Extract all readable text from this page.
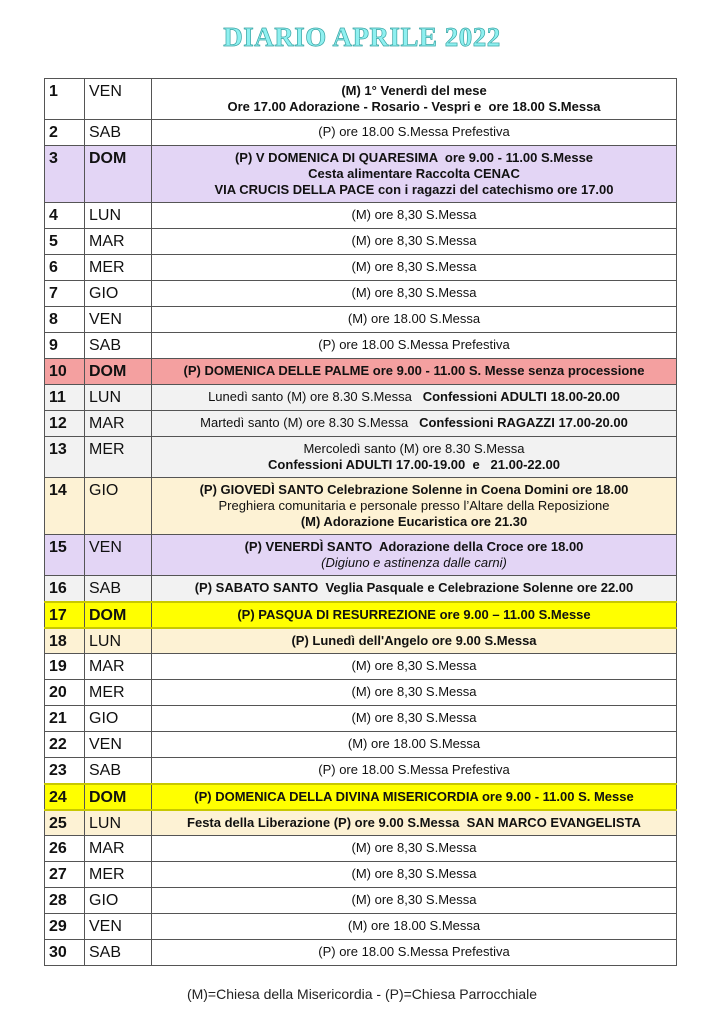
DIARIO APRILE 2022
1	VEN	(M) 1° Venerdì del mese
Ore 17.00 Adorazione - Rosario - Vespri e  ore 18.00 S.Messa

2	SAB	(P) ore 18.00 S.Messa Prefestiva

3	DOM	(P) V DOMENICA DI QUARESIMA  ore 9.00 - 11.00 S.Messe
Cesta alimentare Raccolta CENAC
VIA CRUCIS DELLA PACE con i ragazzi del catechismo ore 17.00

4	LUN	(M) ore 8,30 S.Messa

5	MAR	(M) ore 8,30 S.Messa

6	MER	(M) ore 8,30 S.Messa

7	GIO	(M) ore 8,30 S.Messa

8	VEN	(M) ore 18.00 S.Messa

9	SAB	(P) ore 18.00 S.Messa Prefestiva

10	DOM	(P) DOMENICA DELLE PALME ore 9.00 - 11.00 S. Messe senza processione

11	LUN	Lunedì santo (M) ore 8.30 S.Messa   Confessioni ADULTI 18.00-20.00

12	MAR	Martedì santo (M) ore 8.30 S.Messa   Confessioni RAGAZZI 17.00-20.00

13	MER	Mercoledì santo (M) ore 8.30 S.Messa
Confessioni ADULTI 17.00-19.00  e   21.00-22.00

14	GIO	(P) GIOVEDÌ SANTO Celebrazione Solenne in Coena Domini ore 18.00
Preghiera comunitaria e personale presso l’Altare della Reposizione
(M) Adorazione Eucaristica ore 21.30

15	VEN	(P) VENERDÌ SANTO  Adorazione della Croce ore 18.00
(Digiuno e astinenza dalle carni)

16	SAB	(P) SABATO SANTO  Veglia Pasquale e Celebrazione Solenne ore 22.00

17	DOM	(P) PASQUA DI RESURREZIONE ore 9.00 – 11.00 S.Messe

18	LUN	(P) Lunedì dell'Angelo ore 9.00 S.Messa

19	MAR	(M) ore 8,30 S.Messa

20	MER	(M) ore 8,30 S.Messa

21	GIO	(M) ore 8,30 S.Messa

22	VEN	(M) ore 18.00 S.Messa

23	SAB	(P) ore 18.00 S.Messa Prefestiva

24	DOM	(P) DOMENICA DELLA DIVINA MISERICORDIA ore 9.00 - 11.00 S. Messe

25	LUN	Festa della Liberazione (P) ore 9.00 S.Messa  SAN MARCO EVANGELISTA

26	MAR	(M) ore 8,30 S.Messa

27	MER	(M) ore 8,30 S.Messa

28	GIO	(M) ore 8,30 S.Messa

29	VEN	(M) ore 18.00 S.Messa

30	SAB	(P) ore 18.00 S.Messa Prefestiva
(M)=Chiesa della Misericordia - (P)=Chiesa Parrocchiale
